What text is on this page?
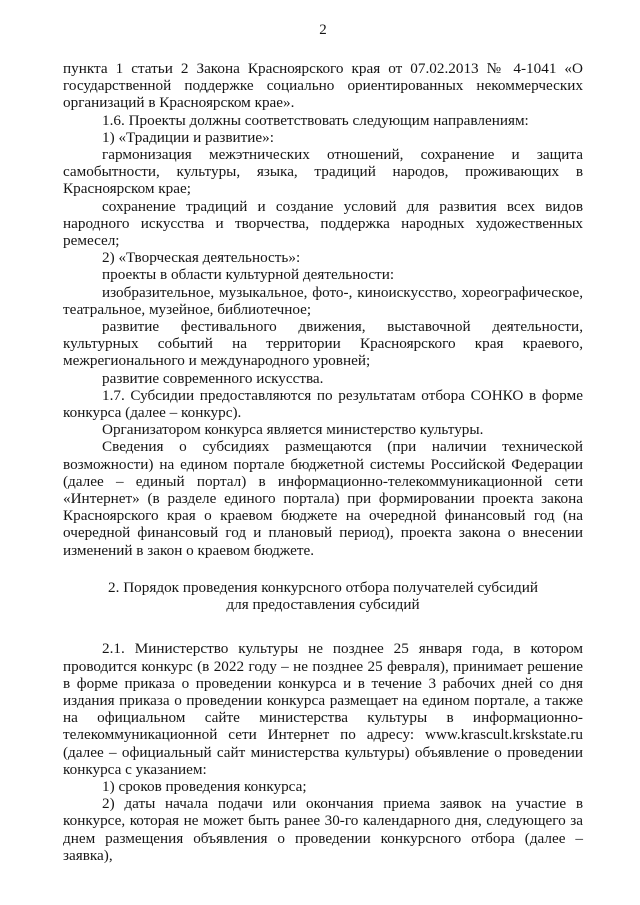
2

пункта 1 статьи 2 Закона Красноярского края от 07.02.2013 № 4-1041 «О государственной поддержке социально ориентированных некоммерческих организаций в Красноярском крае».

1.6. Проекты должны соответствовать следующим направлениям:

1) «Традиции и развитие»:

гармонизация межэтнических отношений, сохранение и защита самобытности, культуры, языка, традиций народов, проживающих в Красноярском крае;

сохранение традиций и создание условий для развития всех видов народного искусства и творчества, поддержка народных художественных ремесел;

2) «Творческая деятельность»:

проекты в области культурной деятельности:

изобразительное, музыкальное, фото-, киноискусство, хореографическое, театральное, музейное, библиотечное;

развитие фестивального движения, выставочной деятельности, культурных событий на территории Красноярского края краевого, межрегионального и международного уровней;

развитие современного искусства.

1.7. Субсидии предоставляются по результатам отбора СОНКО в форме конкурса (далее – конкурс).

Организатором конкурса является министерство культуры.

Сведения о субсидиях размещаются (при наличии технической возможности) на едином портале бюджетной системы Российской Федерации (далее – единый портал) в информационно-телекоммуникационной сети «Интернет» (в разделе единого портала) при формировании проекта закона Красноярского края о краевом бюджете на очередной финансовый год (на очередной финансовый год и плановый период), проекта закона о внесении изменений в закон о краевом бюджете.

2. Порядок проведения конкурсного отбора получателей субсидий
для предоставления субсидий

2.1. Министерство культуры не позднее 25 января года, в котором проводится конкурс (в 2022 году – не позднее 25 февраля), принимает решение в форме приказа о проведении конкурса и в течение 3 рабочих дней со дня издания приказа о проведении конкурса размещает на едином портале, а также на официальном сайте министерства культуры в информационно-телекоммуникационной сети Интернет по адресу: www.krascult.krskstate.ru (далее – официальный сайт министерства культуры) объявление о проведении конкурса с указанием:

1) сроков проведения конкурса;

2) даты начала подачи или окончания приема заявок на участие в конкурсе, которая не может быть ранее 30-го календарного дня, следующего за днем размещения объявления о проведении конкурсного отбора (далее – заявка),
